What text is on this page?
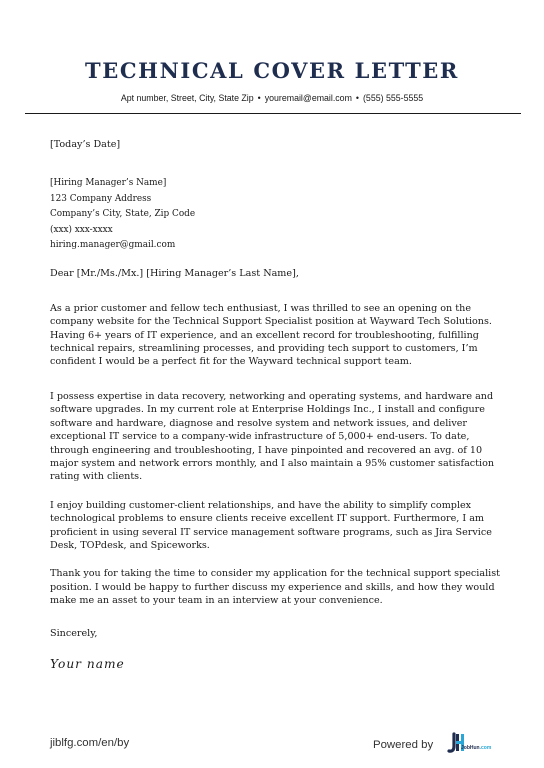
TECHNICAL COVER LETTER
Apt number, Street, City, State Zip • youremail@email.com • (555) 555-5555
[Today’s Date]
[Hiring Manager’s Name]
123 Company Address
Company’s City, State, Zip Code
(xxx) xxx-xxxx
hiring.manager@gmail.com
Dear [Mr./Ms./Mx.] [Hiring Manager’s Last Name],
As a prior customer and fellow tech enthusiast, I was thrilled to see an opening on the company website for the Technical Support Specialist position at Wayward Tech Solutions. Having 6+ years of IT experience, and an excellent record for troubleshooting, fulfilling technical repairs, streamlining processes, and providing tech support to customers, I’m confident I would be a perfect fit for the Wayward technical support team.
I possess expertise in data recovery, networking and operating systems, and hardware and software upgrades. In my current role at Enterprise Holdings Inc., I install and configure software and hardware, diagnose and resolve system and network issues, and deliver exceptional IT service to a company-wide infrastructure of 5,000+ end-users. To date, through engineering and troubleshooting, I have pinpointed and recovered an avg. of 10 major system and network errors monthly, and I also maintain a 95% customer satisfaction rating with clients.
I enjoy building customer-client relationships, and have the ability to simplify complex technological problems to ensure clients receive excellent IT support. Furthermore, I am proficient in using several IT service management software programs, such as Jira Service Desk, TOPdesk, and Spiceworks.
Thank you for taking the time to consider my application for the technical support specialist position. I would be happy to further discuss my experience and skills, and how they would make me an asset to your team in an interview at your convenience.
Sincerely,
Your name
jiblfg.com/en/by	Powered by	JobHun.com
